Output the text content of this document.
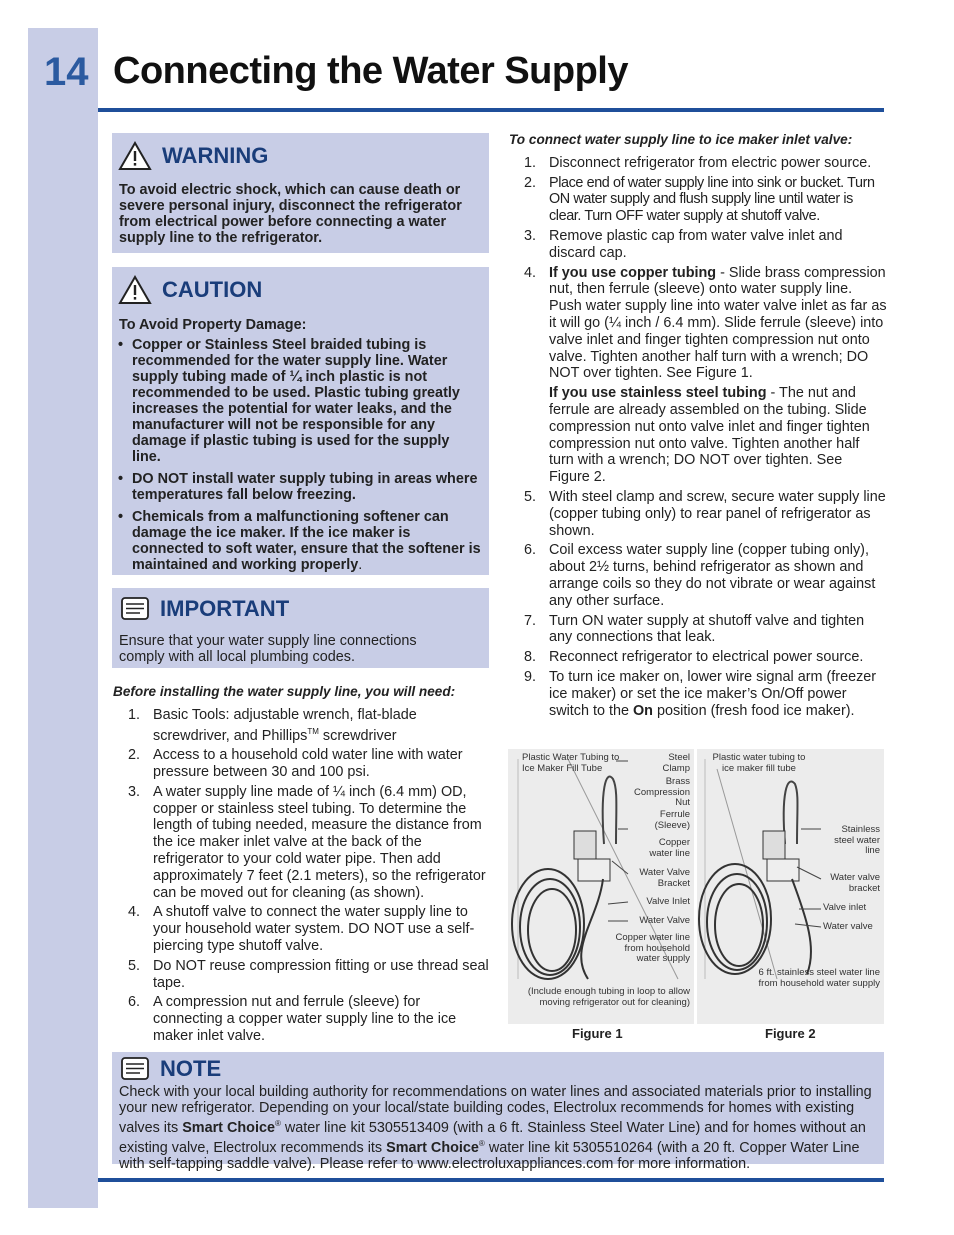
14 Connecting the Water Supply
WARNING
To avoid electric shock, which can cause death or severe personal injury, disconnect the refrigerator from electrical power before connecting a water supply line to the refrigerator.
CAUTION
To Avoid Property Damage:
• Copper or Stainless Steel braided tubing is recommended for the water supply line. Water supply tubing made of ¼ inch plastic is not recommended to be used. Plastic tubing greatly increases the potential for water leaks, and the manufacturer will not be responsible for any damage if plastic tubing is used for the supply line.
• DO NOT install water supply tubing in areas where temperatures fall below freezing.
• Chemicals from a malfunctioning softener can damage the ice maker. If the ice maker is connected to soft water, ensure that the softener is maintained and working properly.
IMPORTANT
Ensure that your water supply line connections comply with all local plumbing codes.
Before installing the water supply line, you will need:
1. Basic Tools: adjustable wrench, flat-blade screwdriver, and Phillips™ screwdriver
2. Access to a household cold water line with water pressure between 30 and 100 psi.
3. A water supply line made of ¼ inch (6.4 mm) OD, copper or stainless steel tubing. To determine the length of tubing needed, measure the distance from the ice maker inlet valve at the back of the refrigerator to your cold water pipe. Then add approximately 7 feet (2.1 meters), so the refrigerator can be moved out for cleaning (as shown).
4. A shutoff valve to connect the water supply line to your household water system. DO NOT use a self-piercing type shutoff valve.
5. Do NOT reuse compression fitting or use thread seal tape.
6. A compression nut and ferrule (sleeve) for connecting a copper water supply line to the ice maker inlet valve.
To connect water supply line to ice maker inlet valve:
1. Disconnect refrigerator from electric power source.
2. Place end of water supply line into sink or bucket. Turn ON water supply and flush supply line until water is clear. Turn OFF water supply at shutoff valve.
3. Remove plastic cap from water valve inlet and discard cap.
4. If you use copper tubing - Slide brass compression nut, then ferrule (sleeve) onto water supply line. Push water supply line into water valve inlet as far as it will go (¼ inch / 6.4 mm). Slide ferrule (sleeve) into valve inlet and finger tighten compression nut onto valve. Tighten another half turn with a wrench; DO NOT over tighten. See Figure 1.
If you use stainless steel tubing - The nut and ferrule are already assembled on the tubing. Slide compression nut onto valve inlet and finger tighten compression nut onto valve. Tighten another half turn with a wrench; DO NOT over tighten. See Figure 2.
5. With steel clamp and screw, secure water supply line (copper tubing only) to rear panel of refrigerator as shown.
6. Coil excess water supply line (copper tubing only), about 2½ turns, behind refrigerator as shown and arrange coils so they do not vibrate or wear against any other surface.
7. Turn ON water supply at shutoff valve and tighten any connections that leak.
8. Reconnect refrigerator to electrical power source.
9. To turn ice maker on, lower wire signal arm (freezer ice maker) or set the ice maker’s On/Off power switch to the On position (fresh food ice maker).
Plastic Water Tubing to Ice Maker Fill Tube
Steel Clamp
Brass Compression Nut
Ferrule (Sleeve)
Copper water line
Water Valve Bracket
Valve Inlet
Water Valve
Copper water line from household water supply
(Include enough tubing in loop to allow moving refrigerator out for cleaning)
Figure 1
Plastic water tubing to ice maker fill tube
Stainless steel water line
Water valve bracket
Valve inlet
Water valve
6 ft. stainless steel water line from household water supply
Figure 2
NOTE
Check with your local building authority for recommendations on water lines and associated materials prior to installing your new refrigerator. Depending on your local/state building codes, Electrolux recommends for homes with existing valves its Smart Choice® water line kit 5305513409 (with a 6 ft. Stainless Steel Water Line) and for homes without an existing valve, Electrolux recommends its Smart Choice® water line kit 5305510264 (with a 20 ft. Copper Water Line with self-tapping saddle valve). Please refer to www.electroluxappliances.com for more information.
